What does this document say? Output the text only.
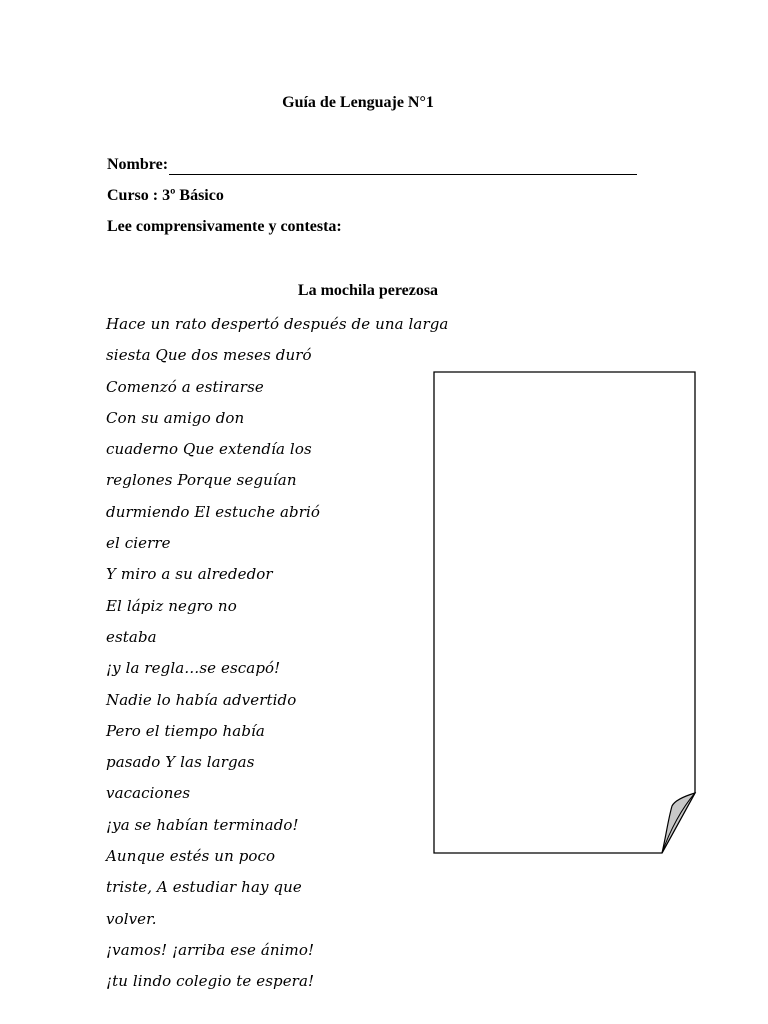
Guía de Lenguaje N°1
Nombre:
Curso : 3º Básico
Lee comprensivamente y contesta:
La mochila perezosa
Hace un rato despertó después de una larga
siesta Que dos meses duró
Comenzó a estirarse
Con su amigo don
cuaderno Que extendía los
reglones Porque seguían
durmiendo El estuche abrió
el cierre
Y miro a su alrededor
El lápiz negro no
estaba
¡y la regla…se escapó!
Nadie lo había advertido
Pero el tiempo había
pasado Y las largas
vacaciones
¡ya se habían terminado!
Aunque estés un poco
triste, A estudiar hay que
volver.
¡vamos! ¡arriba ese ánimo!
¡tu lindo colegio te espera!
